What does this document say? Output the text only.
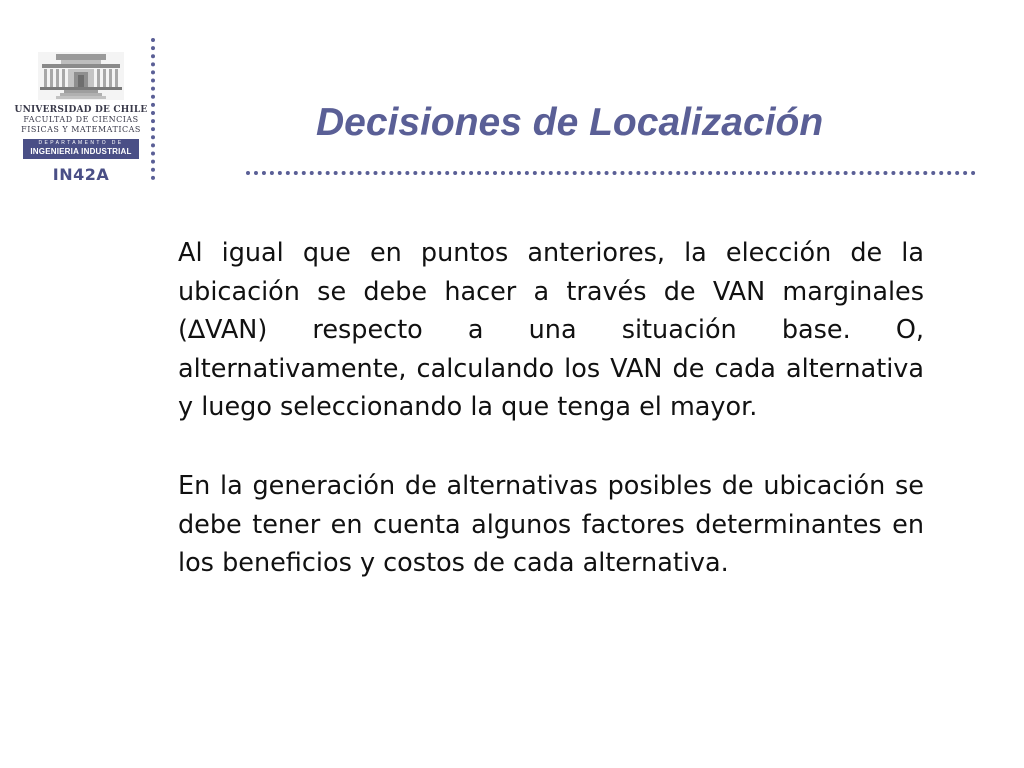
UNIVERSIDAD DE CHILE
FACULTAD DE CIENCIAS
FISICAS Y MATEMATICAS
DEPARTAMENTO DE
INGENIERIA INDUSTRIAL
IN42A
Decisiones de Localización

Al igual que en puntos anteriores, la elección de la ubicación se debe hacer a través de VAN marginales (∆VAN) respecto a una situación base. O, alternativamente, calculando los VAN de cada alternativa y luego seleccionando la que tenga el mayor.

En la generación de alternativas posibles de ubicación se debe tener en cuenta algunos factores determinantes en los beneficios y costos de cada alternativa.
